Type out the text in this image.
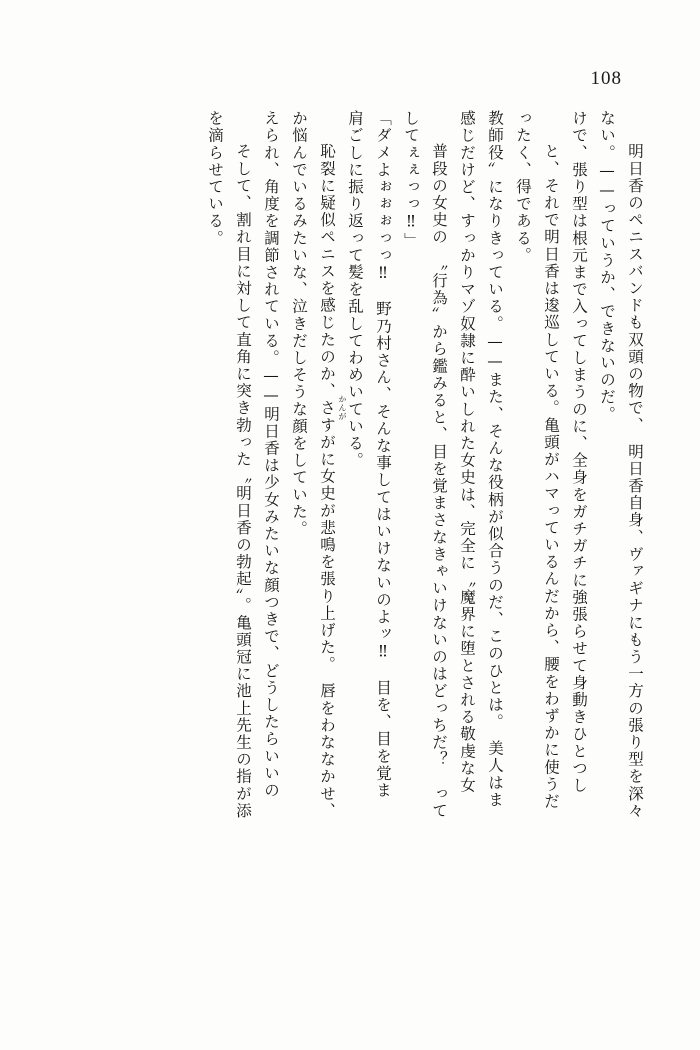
108
を滴らせている。 　そして、割れ目に対して直角に突き勃った〝明日香の勃起〟。亀頭冠に池上先生の指が添 えられ、角度を調節されている。——明日香は少女みたいな顔つきで、どうしたらいいの か悩んでいるみたいな、泣きだしそうな顔をしていた。 　恥裂に疑似ペニスを感じたのか、さすがに女史が悲鳴を張り上げた。　唇をわななかせ、 肩ごしに振り返って髪を乱してわめいている。 「ダメよぉぉぉっっ‼　野乃村さん、そんな事してはいけないのよッ‼　目を、目を覚ま してぇぇっっ‼」 　普段の女史の　〝行為〟から鑑みると、目を覚まさなきゃいけないのはどっちだ？　って 感じだけど、すっかりマゾ奴隷に酔いしれた女史は、完全に〝魔界に堕とされる敬虔な女 教師役〟になりきっている。——また、そんな役柄が似合うのだ、このひとは。　美人はま ったく、得である。 　と、それで明日香は逡巡している。亀頭がハマっているんだから、腰をわずかに使うだ けで、張り型は根元まで入ってしまうのに、全身をガチガチに強張らせて身動きひとつし ない。——っていうか、できないのだ。 　明日香のペニスバンドも双頭の物で、　明日香自身、ヴァギナにもう一方の張り型を深々
かんが
